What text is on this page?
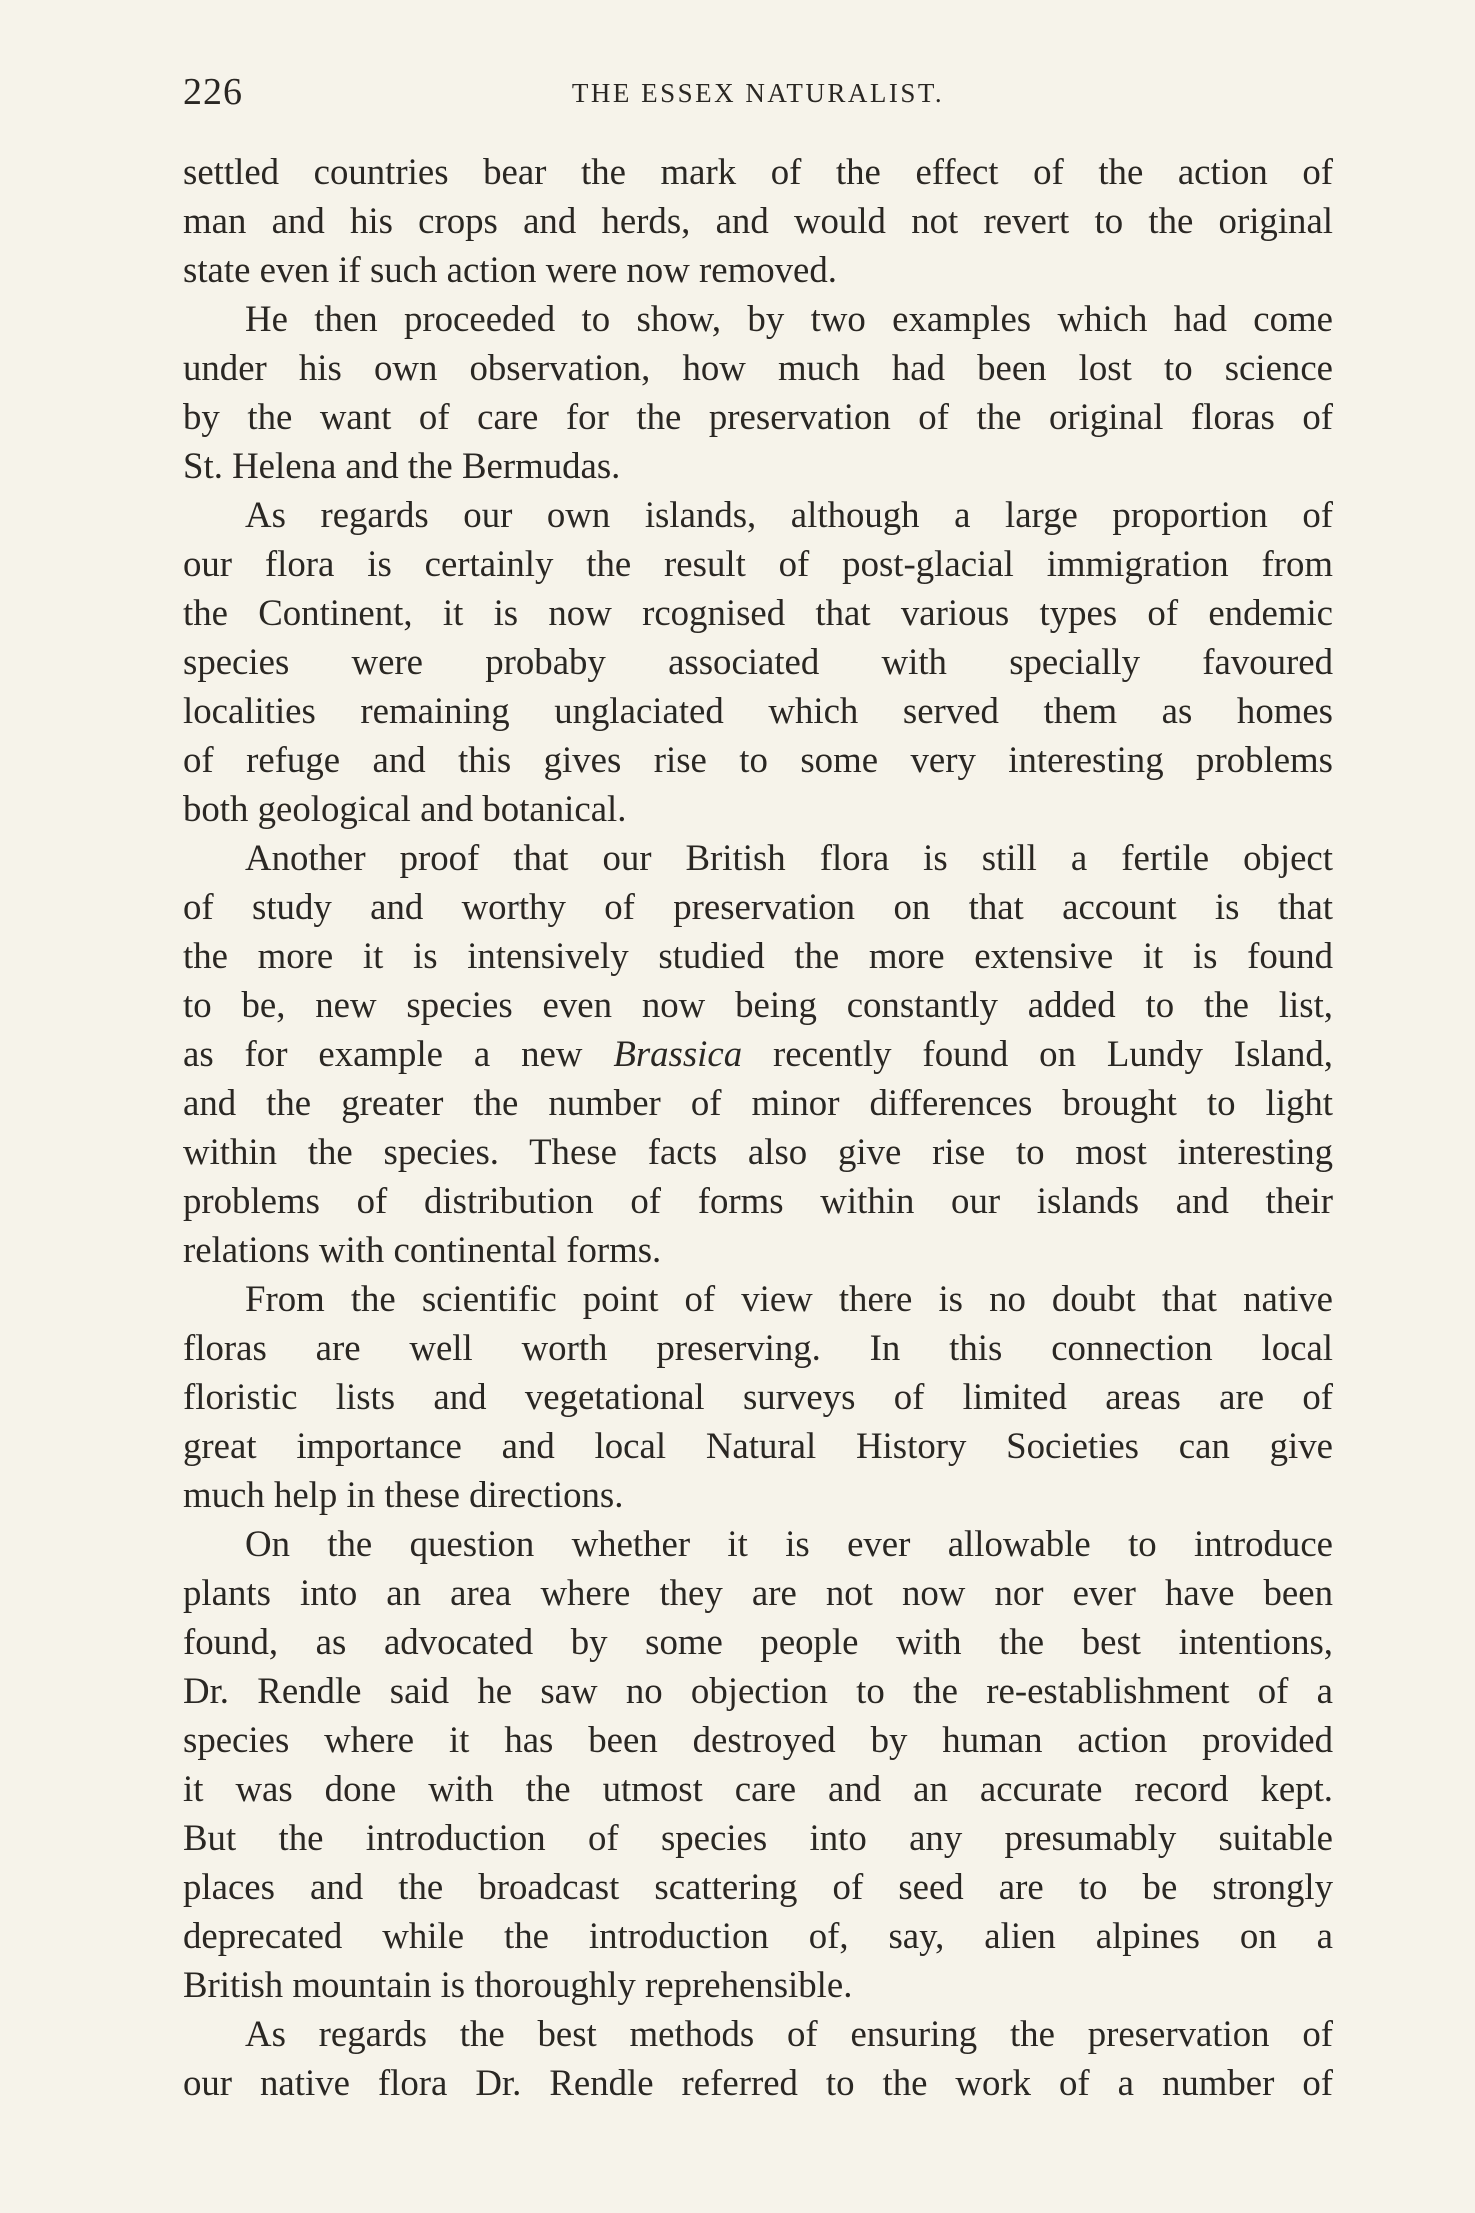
226	THE ESSEX NATURALIST.
settled countries bear the mark of the effect of the action of
man and his crops and herds, and would not revert to the original
state even if such action were now removed.
He then proceeded to show, by two examples which had come
under his own observation, how much had been lost to science
by the want of care for the preservation of the original floras of
St. Helena and the Bermudas.
As regards our own islands, although a large proportion of
our flora is certainly the result of post-glacial immigration from
the Continent, it is now rcognised that various types of endemic
species were probaby associated with specially favoured
localities remaining unglaciated which served them as homes
of refuge and this gives rise to some very interesting problems
both geological and botanical.
Another proof that our British flora is still a fertile object
of study and worthy of preservation on that account is that
the more it is intensively studied the more extensive it is found
to be, new species even now being constantly added to the list,
as for example a new Brassica recently found on Lundy Island,
and the greater the number of minor differences brought to light
within the species. These facts also give rise to most interesting
problems of distribution of forms within our islands and their
relations with continental forms.
From the scientific point of view there is no doubt that native
floras are well worth preserving. In this connection local
floristic lists and vegetational surveys of limited areas are of
great importance and local Natural History Societies can give
much help in these directions.
On the question whether it is ever allowable to introduce
plants into an area where they are not now nor ever have been
found, as advocated by some people with the best intentions,
Dr. Rendle said he saw no objection to the re-establishment of a
species where it has been destroyed by human action provided
it was done with the utmost care and an accurate record kept.
But the introduction of species into any presumably suitable
places and the broadcast scattering of seed are to be strongly
deprecated while the introduction of, say, alien alpines on a
British mountain is thoroughly reprehensible.
As regards the best methods of ensuring the preservation of
our native flora Dr. Rendle referred to the work of a number of
